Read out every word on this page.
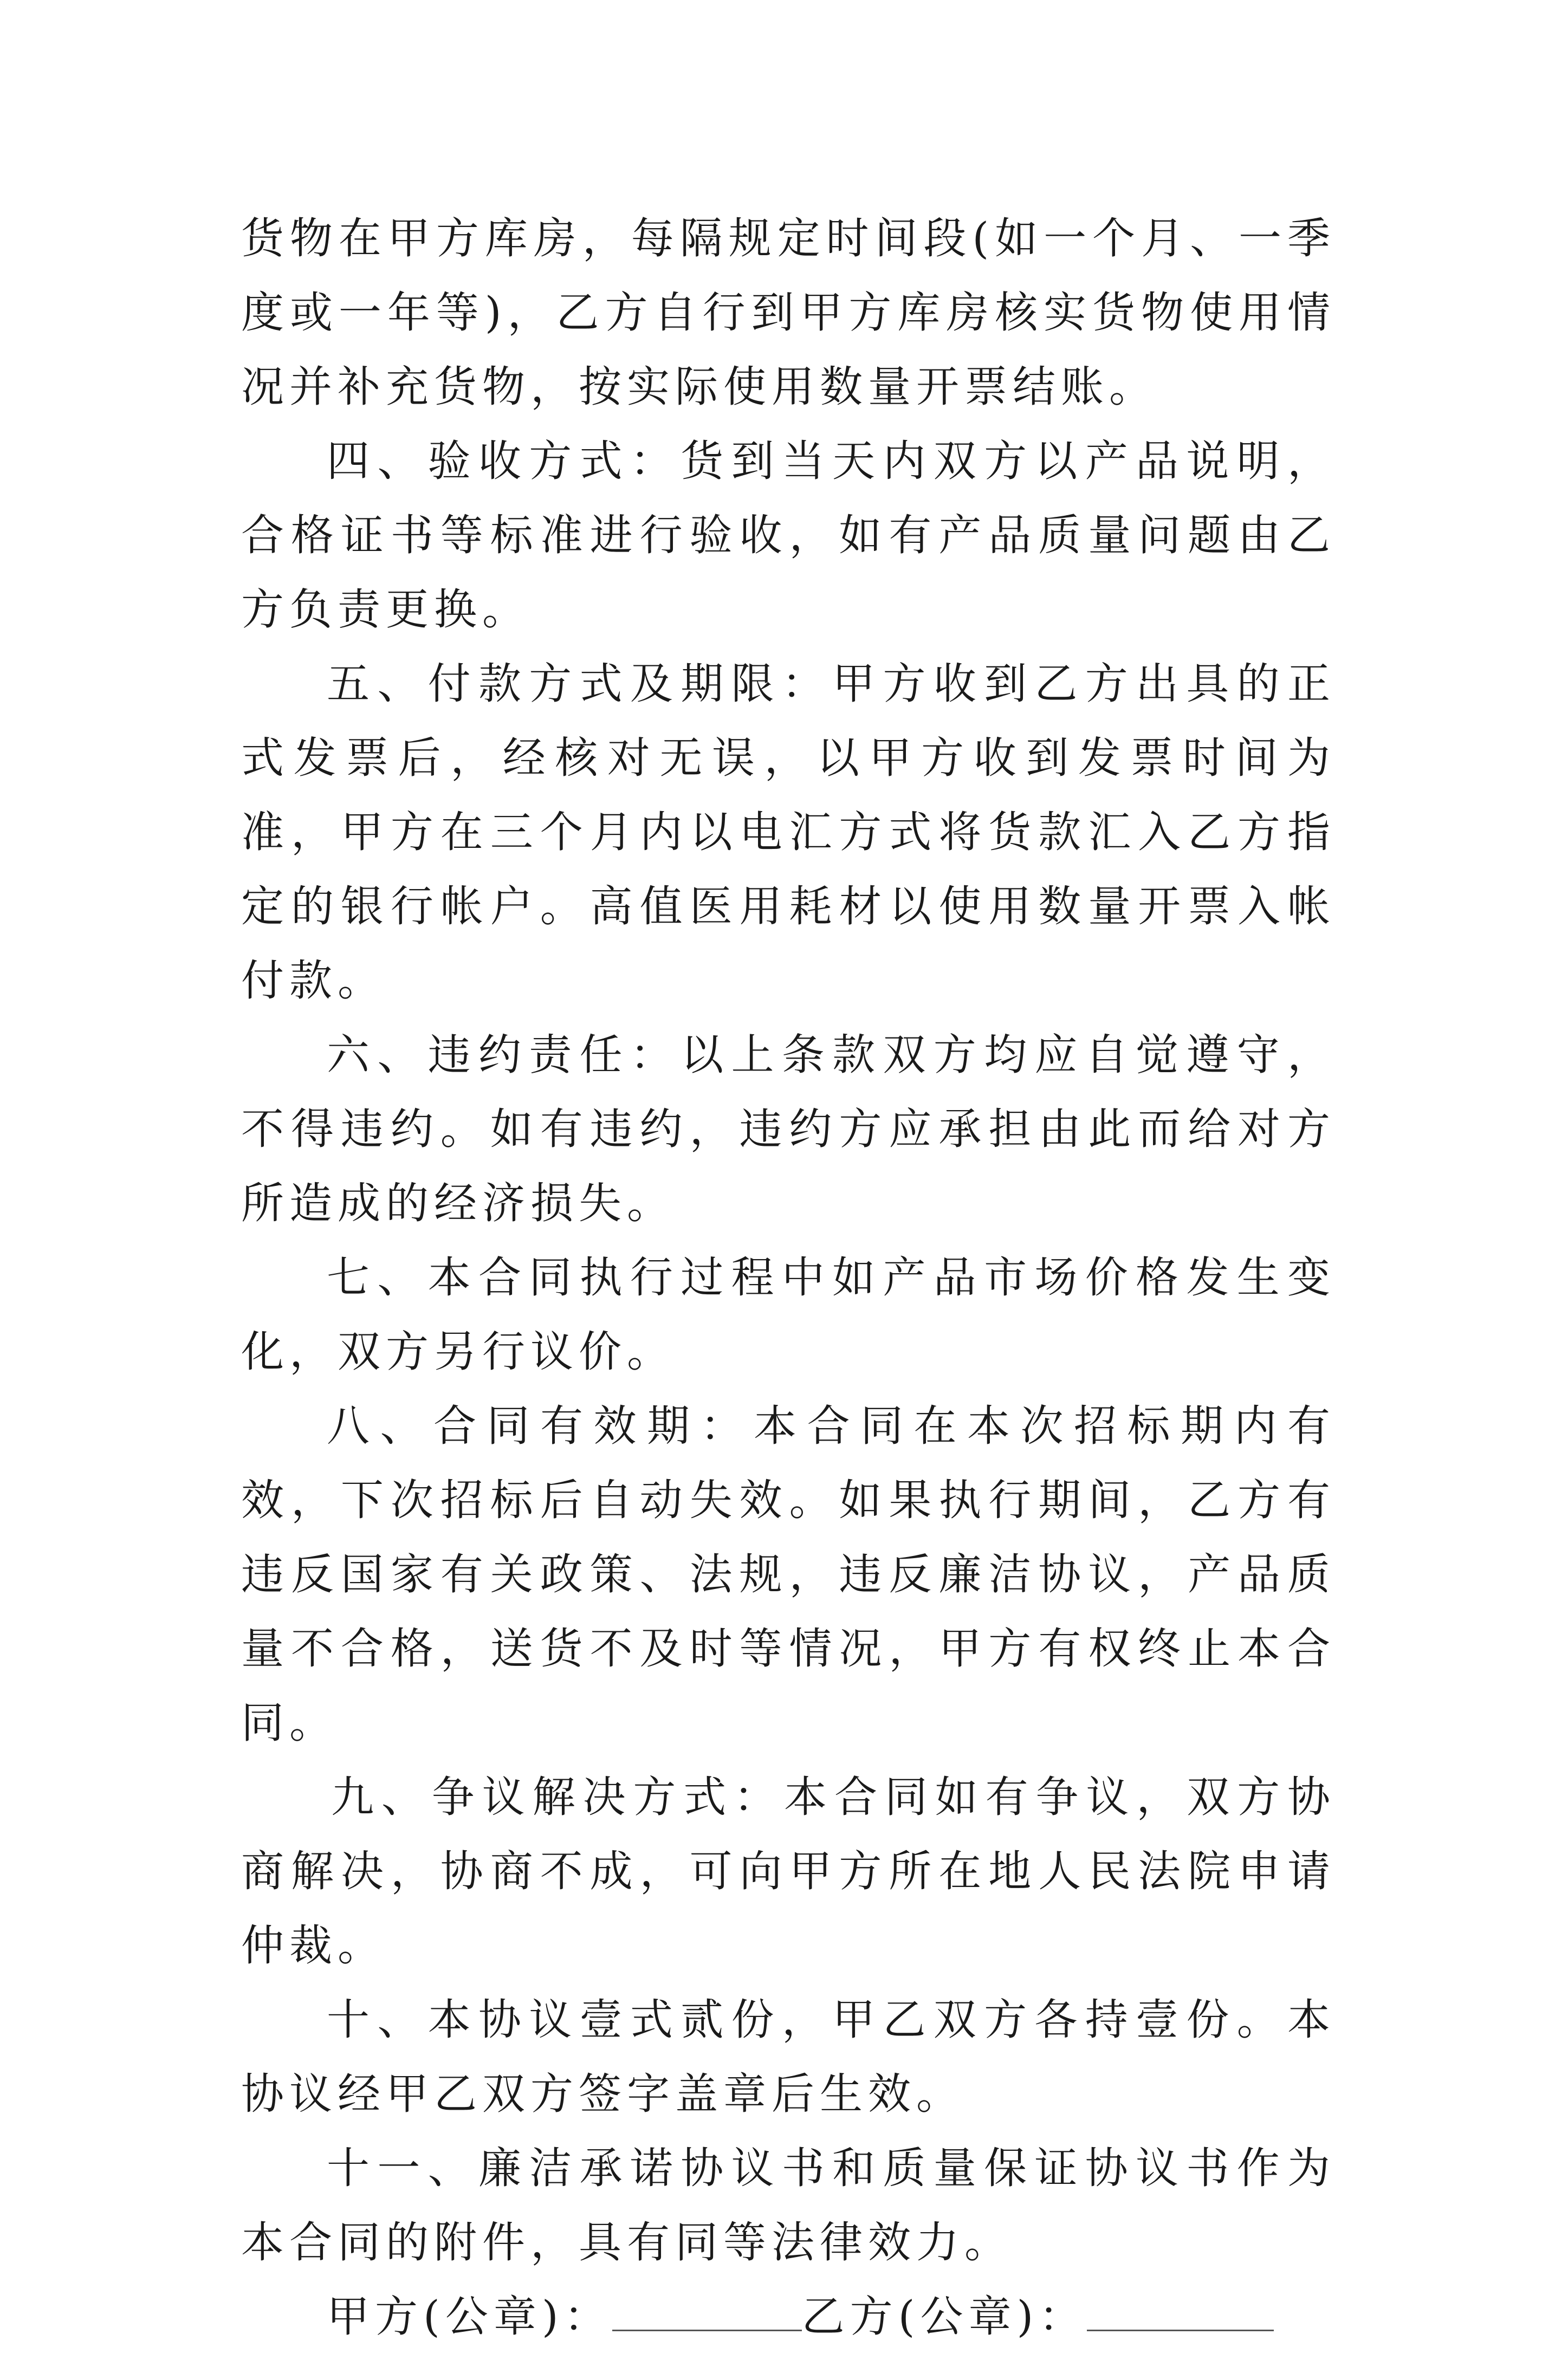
货物在甲方库房，每隔规定时间段(如一个月、一季度或一年等)，乙方自行到甲方库房核实货物使用情况并补充货物，按实际使用数量开票结账。

四、验收方式：货到当天内双方以产品说明，合格证书等标准进行验收，如有产品质量问题由乙方负责更换。

五、付款方式及期限：甲方收到乙方出具的正式发票后，经核对无误，以甲方收到发票时间为准，甲方在三个月内以电汇方式将货款汇入乙方指定的银行帐户。高值医用耗材以使用数量开票入帐付款。

六、违约责任：以上条款双方均应自觉遵守，不得违约。如有违约，违约方应承担由此而给对方所造成的经济损失。

七、本合同执行过程中如产品市场价格发生变化，双方另行议价。

八、合同有效期：本合同在本次招标期内有效，下次招标后自动失效。如果执行期间，乙方有违反国家有关政策、法规，违反廉洁协议，产品质量不合格，送货不及时等情况，甲方有权终止本合同。

九、争议解决方式：本合同如有争议，双方协商解决，协商不成，可向甲方所在地人民法院申请仲裁。

十、本协议壹式贰份，甲乙双方各持壹份。本协议经甲乙双方签字盖章后生效。

十一、廉洁承诺协议书和质量保证协议书作为本合同的附件，具有同等法律效力。

甲方(公章)：	乙方(公章)：
